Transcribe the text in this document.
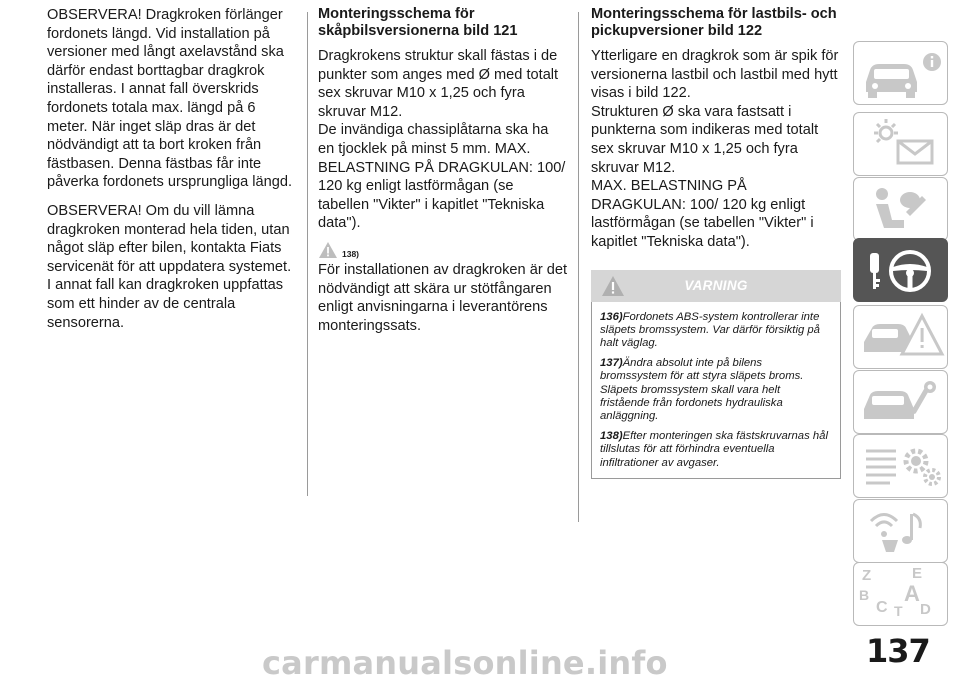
OBSERVERA! Dragkroken förlänger fordonets längd. Vid installation på versioner med långt axelavstånd ska därför endast borttagbar dragkrok installeras. I annat fall överskrids fordonets totala max. längd på 6 meter. När inget släp dras är det nödvändigt att ta bort kroken från fästbasen. Denna fästbas får inte påverka fordonets ursprungliga längd.

OBSERVERA! Om du vill lämna dragkroken monterad hela tiden, utan något släp efter bilen, kontakta Fiats servicenät för att uppdatera systemet. I annat fall kan dragkroken uppfattas som ett hinder av de centrala sensorerna.

Monteringsschema för skåpbilsversionerna bild 121

Dragkrokens struktur skall fästas i de punkter som anges med Ø med totalt sex skruvar M10 x 1,25 och fyra skruvar M12.

De invändiga chassiplåtarna ska ha en tjocklek på minst 5 mm. MAX. BELASTNING PÅ DRAGKULAN: 100/ 120 kg enligt lastförmågan (se tabellen "Vikter" i kapitlet "Tekniska data").

138)

För installationen av dragkroken är det nödvändigt att skära ur stötfångaren enligt anvisningarna i leverantörens monteringssats.

Monteringsschema för lastbils- och pickupversioner bild 122

Ytterligare en dragkrok som är spik för versionerna lastbil och lastbil med hytt visas i bild 122.

Strukturen Ø ska vara fastsatt i punkterna som indikeras med totalt sex skruvar M10 x 1,25 och fyra skruvar M12.

MAX. BELASTNING PÅ DRAGKULAN: 100/ 120 kg enligt lastförmågan (se tabellen "Vikter" i kapitlet "Tekniska data").

VARNING
136)Fordonets ABS-system kontrollerar inte släpets bromssystem. Var därför försiktig på halt väglag.
137)Ändra absolut inte på bilens bromssystem för att styra släpets broms. Släpets bromssystem skall vara helt fristående från fordonets hydrauliska anläggning.
138)Efter monteringen ska fästskruvarnas hål tillslutas för att förhindra eventuella infiltrationer av avgaser.
Z	E
B A
C T D
carmanualsonline.info	137
